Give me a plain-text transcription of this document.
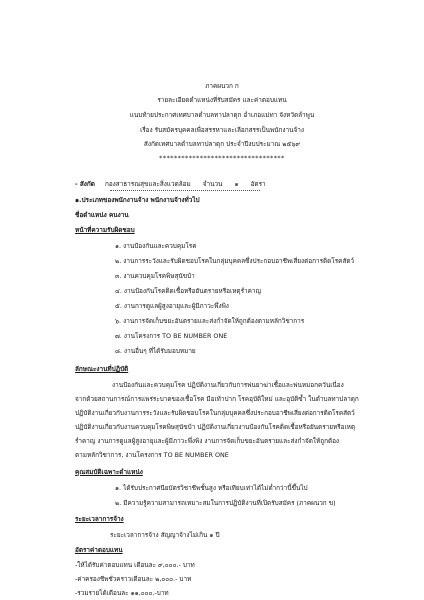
ภาคผนวก ก
รายละเอียดตำแหน่งที่รับสมัคร และค่าตอบแทน
แนบท้ายประกาศเทศบาลตำบลทาปลาดุก อำเภอแม่ทา จังหวัดลำพูน
เรื่อง รับสมัครบุคคลเพื่อสรรหาและเลือกสรรเป็นพนักงานจ้าง
สังกัดเทศบาลตำบลทาปลาดุก ประจำปีงบประมาณ ๒๕๖๙
**********************************
- สังกัด กองสาธารณสุขและสิ่งแวดล้อม จำนวน ๑ อัตรา
๑.ประเภทของพนักงานจ้าง พนักงานจ้างทั่วไป
ชื่อตำแหน่ง คนงาน
หน้าที่ความรับผิดชอบ
๑. งานป้องกันและควบคุมโรค
๒. งานการระวังและรับผิดชอบโรคในกลุ่มบุคคลซึ่งประกอบอาชีพเสี่ยงต่อการติดโรคสัตว์
๓. งานควบคุมโรคพิษสุนัขบ้า
๔. งานป้องกันโรคติดเชื้อหรือยันตรายหรือเหตุรำคาญ
๕. งานการดูแลผู้สูงอายุและผู้มีภาวะพึ่งพิง
๖. งานการจัดเก็บขยะอันตรายและส่งกำจัดให้ถูกต้องตามหลักวิชาการ
๗. งานโครงการ TO BE NUMBER ONE
๘. งานอื่นๆ ที่ได้รับมอบหมาย
ลักษณะงานที่ปฏิบัติ
งานป้องกันและควบคุมโรค ปฏิบัติงานเกี่ยวกับการพ่นยาฆ่าเชื้อและพ่นหมอกควันเนื่อง
จากด้วยสถานการณ์การแพร่ระบาดของเชื้อโรค มือเท้าปาก โรคอุบัติใหม่ และอุบัติซ้ำ ในตำบลทาปลาดุก
ปฏิบัติงานเกี่ยวกับงานการระวังและรับผิดชอบโรคในกลุ่มบุคคลซึ่งประกอบอาชีพเสี่ยงต่อการติดโรคสัตว์
ปฏิบัติงานเกี่ยวกับงานควบคุมโรคพิษสุนัขบ้า ปฏิบัติงานเกี่ยวงานป้องกันโรคติดเชื้อหรือยันตรายหรือเหตุ
รำคาญ งานการดูแลผู้สูงอายุและผู้มีภาวะพึ่งพิง งานการจัดเก็บขยะอันตรายและส่งกำจัดให้ถูกต้อง
ตามหลักวิชาการ, งานโครงการ TO BE NUMBER ONE
คุณสมบัติเฉพาะตำแหน่ง
๑. ได้รับประกาศนียบัตรวิชาชีพชั้นสูง หรือเทียบเท่าได้ไม่ต่ำกว่านี้ขึ้นไป
๒. มีความรู้ความสามารถเหมาะสมในการปฏิบัติงานที่เปิดรับสมัคร (ภาคผนวก ข)
ระยะเวลาการจ้าง
ระยะเวลาการจ้าง สัญญาจ้างไม่เกิน ๑ ปี
อัตราค่าตอบแทน
-ให้ได้รับค่าตอบแทน เดือนละ ๙,๐๐๐.- บาท
-ค่าครองชีพชั่วคราวเดือนละ ๒,๐๐๐.- บาท
-รวมรายได้เดือนละ ๑๑,๐๐๐.-บาท
